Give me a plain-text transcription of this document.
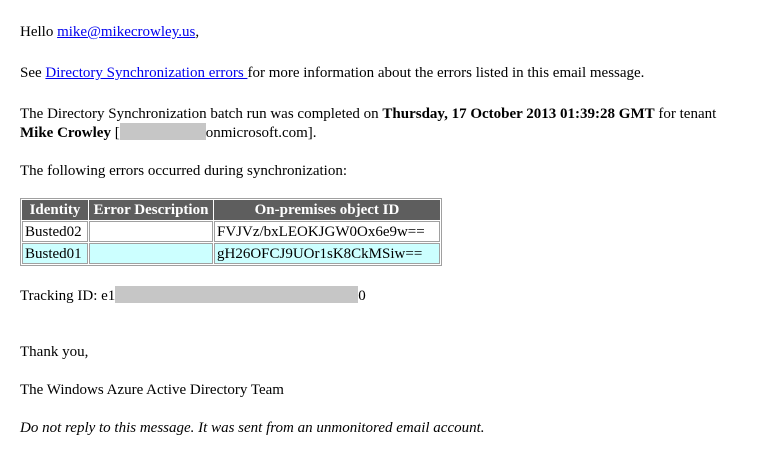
Hello mike@mikecrowley.us,

See Directory Synchronization errors for more information about the errors listed in this email message.

The Directory Synchronization batch run was completed on Thursday, 17 October 2013 01:39:28 GMT for tenant
Mike Crowley [	onmicrosoft.com].

The following errors occurred during synchronization:

Identity	Error Description	On-premises object ID
Busted02		FVJVz/bxLEOKJGW0Ox6e9w==
Busted01		gH26OFCJ9UOr1sK8CkMSiw==

Tracking ID: e1	0

Thank you,

The Windows Azure Active Directory Team

Do not reply to this message. It was sent from an unmonitored email account.
